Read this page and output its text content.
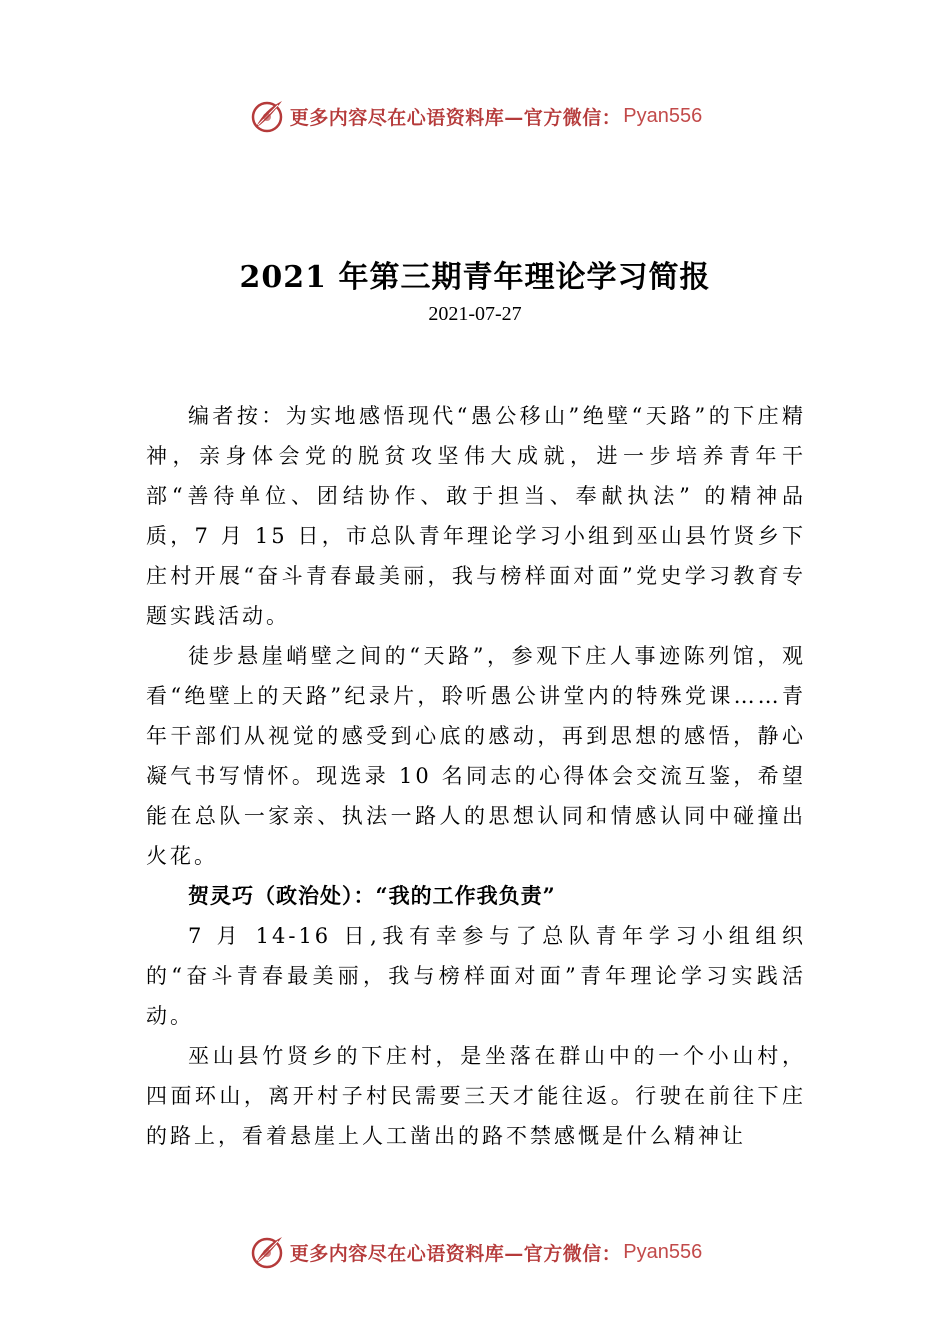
更多内容尽在心语资料库—官方微信： Pyan556
2021 年第三期青年理论学习简报
2021-07-27

编者按：为实地感悟现代“愚公移山”绝壁“天路”的下庄精神，亲身体会党的脱贫攻坚伟大成就，进一步培养青年干部“善待单位、团结协作、敢于担当、奉献执法” 的精神品质，7 月 15 日，市总队青年理论学习小组到巫山县竹贤乡下庄村开展“奋斗青春最美丽，我与榜样面对面”党史学习教育专题实践活动。

徒步悬崖峭壁之间的“天路”，参观下庄人事迹陈列馆，观看“绝壁上的天路”纪录片，聆听愚公讲堂内的特殊党课……青年干部们从视觉的感受到心底的感动，再到思想的感悟，静心凝气书写情怀。现选录 10 名同志的心得体会交流互鉴，希望能在总队一家亲、执法一路人的思想认同和情感认同中碰撞出火花。

贺灵巧（政治处）：“我的工作我负责”

7 月 14-16 日,我有幸参与了总队青年学习小组组织的“奋斗青春最美丽，我与榜样面对面”青年理论学习实践活动。

巫山县竹贤乡的下庄村，是坐落在群山中的一个小山村，四面环山，离开村子村民需要三天才能往返。行驶在前往下庄的路上，看着悬崖上人工凿出的路不禁感慨是什么精神让

更多内容尽在心语资料库—官方微信： Pyan556
